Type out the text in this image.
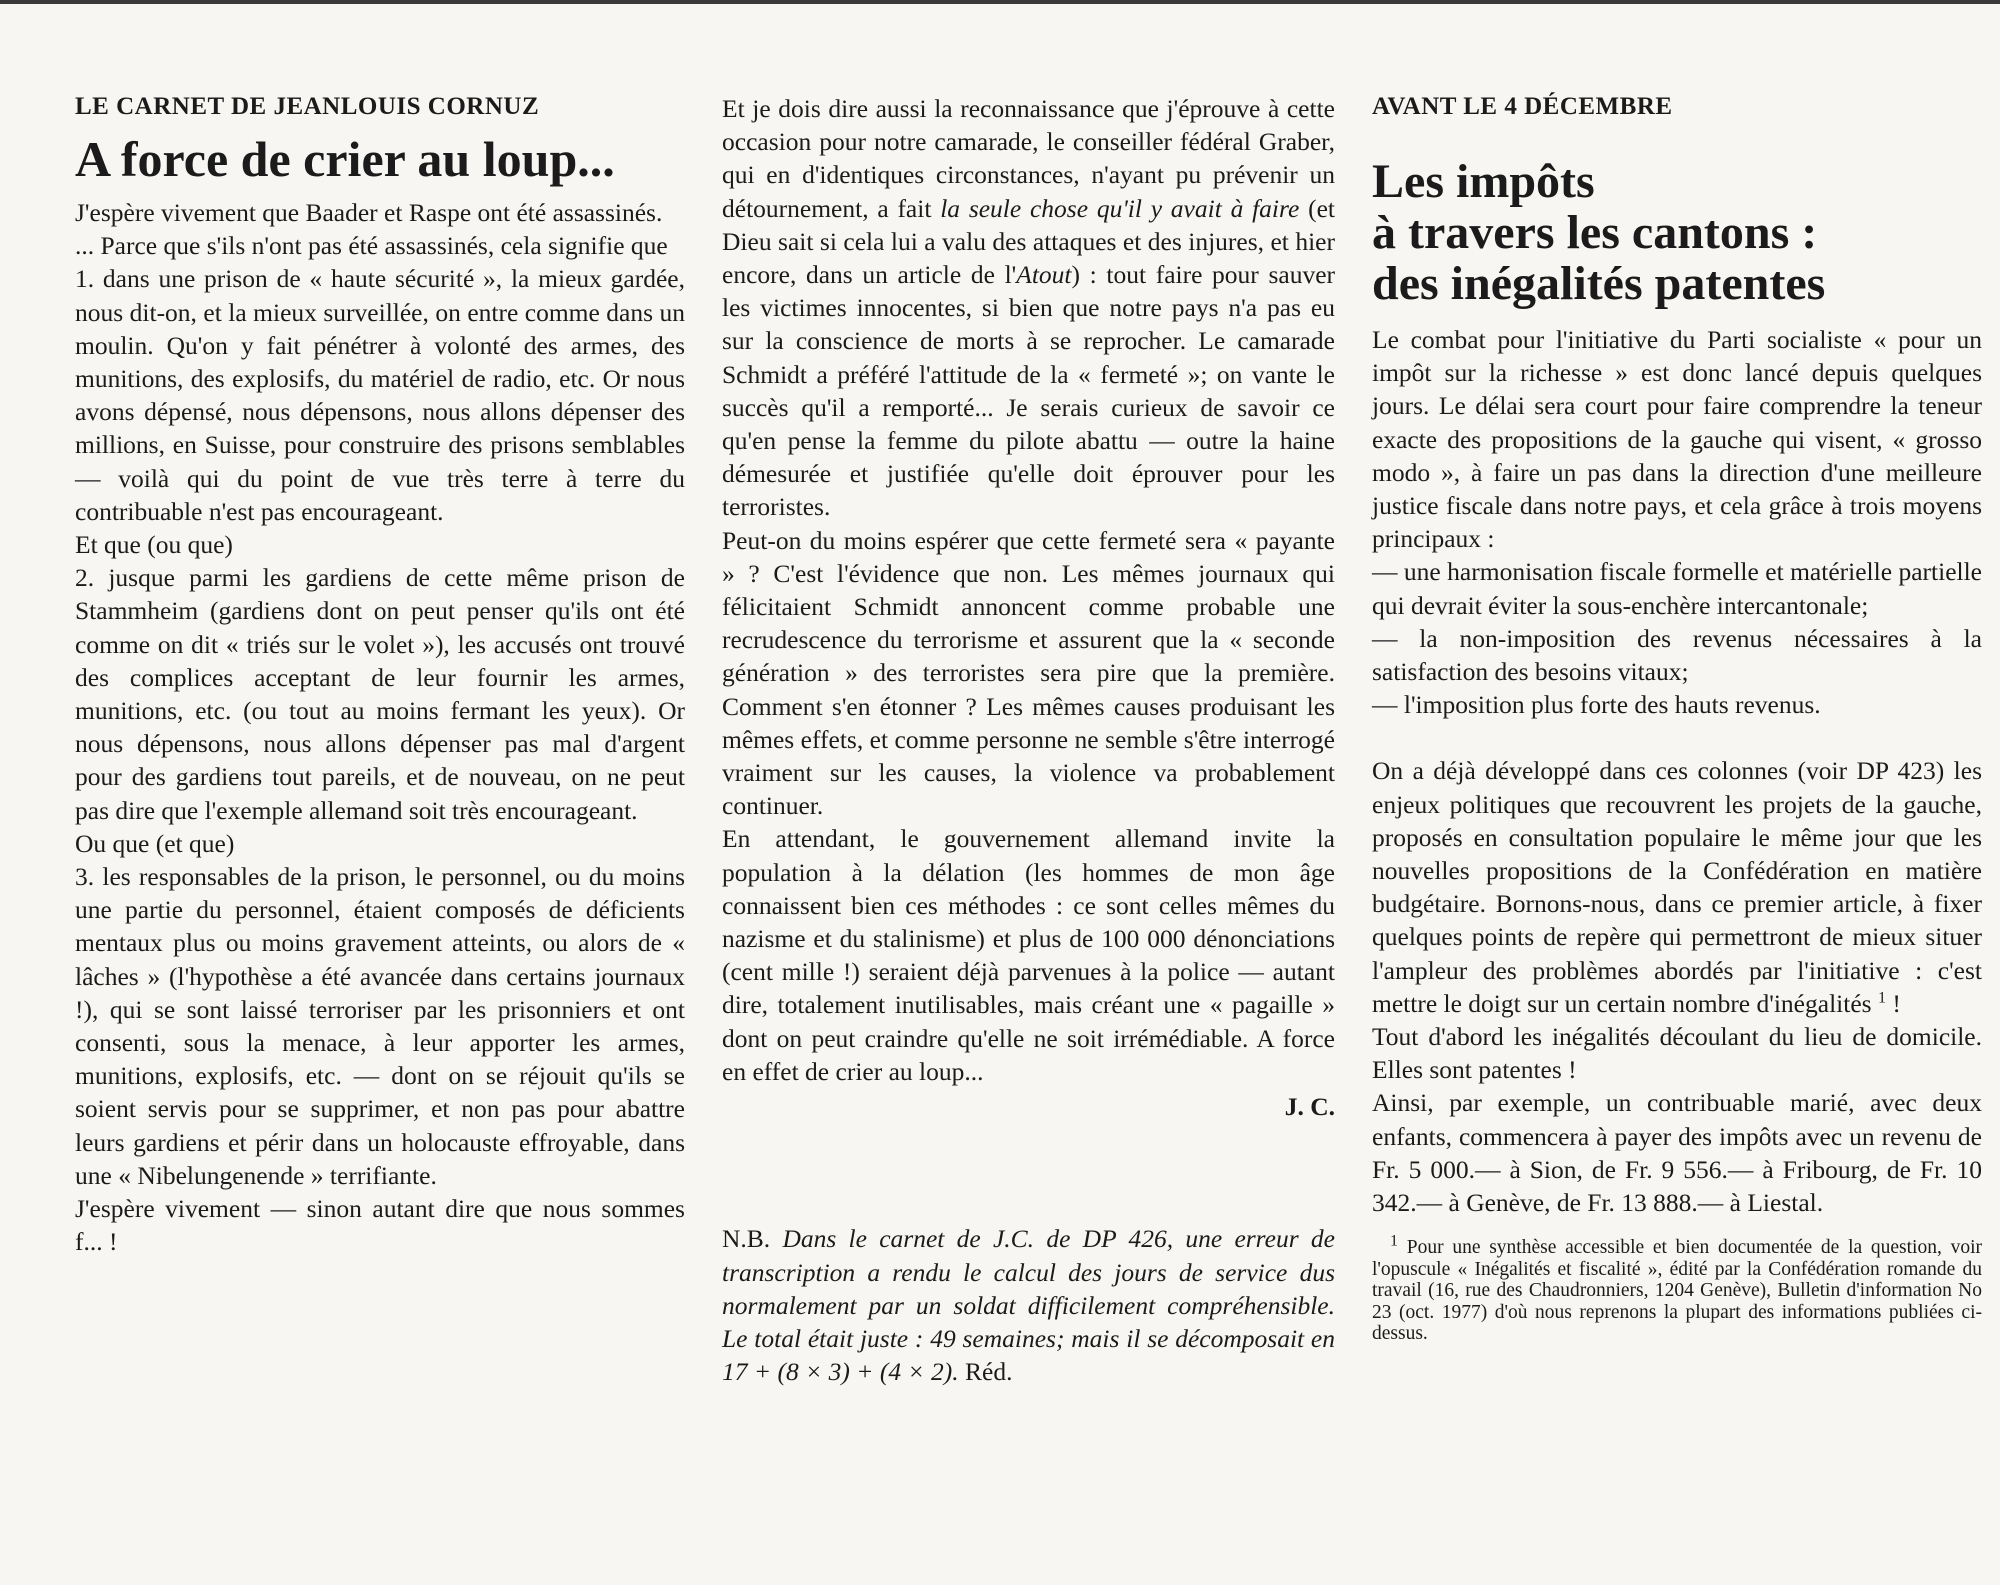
LE CARNET DE JEANLOUIS CORNUZ
A force de crier au loup...

J'espère vivement que Baader et Raspe ont été assassinés.

... Parce que s'ils n'ont pas été assassinés, cela signifie que

1. dans une prison de « haute sécurité », la mieux gardée, nous dit-on, et la mieux surveillée, on entre comme dans un moulin. Qu'on y fait pénétrer à volonté des armes, des munitions, des explosifs, du matériel de radio, etc. Or nous avons dépensé, nous dépensons, nous allons dépenser des millions, en Suisse, pour construire des prisons semblables — voilà qui du point de vue très terre à terre du contribuable n'est pas encourageant.

Et que (ou que)

2. jusque parmi les gardiens de cette même prison de Stammheim (gardiens dont on peut penser qu'ils ont été comme on dit « triés sur le volet »), les accusés ont trouvé des complices acceptant de leur fournir les armes, munitions, etc. (ou tout au moins fermant les yeux). Or nous dépensons, nous allons dépenser pas mal d'argent pour des gardiens tout pareils, et de nouveau, on ne peut pas dire que l'exemple allemand soit très encourageant.

Ou que (et que)

3. les responsables de la prison, le personnel, ou du moins une partie du personnel, étaient composés de déficients mentaux plus ou moins gravement atteints, ou alors de « lâches » (l'hypothèse a été avancée dans certains journaux !), qui se sont laissé terroriser par les prisonniers et ont consenti, sous la menace, à leur apporter les armes, munitions, explosifs, etc. — dont on se réjouit qu'ils se soient servis pour se supprimer, et non pas pour abattre leurs gardiens et périr dans un holocauste effroyable, dans une « Nibelungenende » terrifiante.

J'espère vivement — sinon autant dire que nous sommes f... !

Et je dois dire aussi la reconnaissance que j'éprouve à cette occasion pour notre camarade, le conseiller fédéral Graber, qui en d'identiques circonstances, n'ayant pu prévenir un détournement, a fait la seule chose qu'il y avait à faire (et Dieu sait si cela lui a valu des attaques et des injures, et hier encore, dans un article de l'Atout) : tout faire pour sauver les victimes innocentes, si bien que notre pays n'a pas eu sur la conscience de morts à se reprocher. Le camarade Schmidt a préféré l'attitude de la « fermeté »; on vante le succès qu'il a remporté... Je serais curieux de savoir ce qu'en pense la femme du pilote abattu — outre la haine démesurée et justifiée qu'elle doit éprouver pour les terroristes.

Peut-on du moins espérer que cette fermeté sera « payante » ? C'est l'évidence que non. Les mêmes journaux qui félicitaient Schmidt annoncent comme probable une recrudescence du terrorisme et assurent que la « seconde génération » des terroristes sera pire que la première. Comment s'en étonner ? Les mêmes causes produisant les mêmes effets, et comme personne ne semble s'être interrogé vraiment sur les causes, la violence va probablement continuer.

En attendant, le gouvernement allemand invite la population à la délation (les hommes de mon âge connaissent bien ces méthodes : ce sont celles mêmes du nazisme et du stalinisme) et plus de 100 000 dénonciations (cent mille !) seraient déjà parvenues à la police — autant dire, totalement inutilisables, mais créant une « pagaille » dont on peut craindre qu'elle ne soit irrémédiable. A force en effet de crier au loup...

J. C.

N.B. Dans le carnet de J.C. de DP 426, une erreur de transcription a rendu le calcul des jours de service dus normalement par un soldat difficilement compréhensible. Le total était juste : 49 semaines; mais il se décomposait en 17 + (8 × 3) + (4 × 2). Réd.

AVANT LE 4 DÉCEMBRE
Les impôts
à travers les cantons :
des inégalités patentes

Le combat pour l'initiative du Parti socialiste « pour un impôt sur la richesse » est donc lancé depuis quelques jours. Le délai sera court pour faire comprendre la teneur exacte des propositions de la gauche qui visent, « grosso modo », à faire un pas dans la direction d'une meilleure justice fiscale dans notre pays, et cela grâce à trois moyens principaux :

— une harmonisation fiscale formelle et matérielle partielle qui devrait éviter la sous-enchère intercantonale;

— la non-imposition des revenus nécessaires à la satisfaction des besoins vitaux;

— l'imposition plus forte des hauts revenus.

On a déjà développé dans ces colonnes (voir DP 423) les enjeux politiques que recouvrent les projets de la gauche, proposés en consultation populaire le même jour que les nouvelles propositions de la Confédération en matière budgétaire. Bornons-nous, dans ce premier article, à fixer quelques points de repère qui permettront de mieux situer l'ampleur des problèmes abordés par l'initiative : c'est mettre le doigt sur un certain nombre d'inégalités $^1$ !

Tout d'abord les inégalités découlant du lieu de domicile. Elles sont patentes !

Ainsi, par exemple, un contribuable marié, avec deux enfants, commencera à payer des impôts avec un revenu de Fr. 5 000.— à Sion, de Fr. 9 556.— à Fribourg, de Fr. 10 342.— à Genève, de Fr. 13 888.— à Liestal.

$^1$ Pour une synthèse accessible et bien documentée de la question, voir l'opuscule « Inégalités et fiscalité », édité par la Confédération romande du travail (16, rue des Chaudronniers, 1204 Genève), Bulletin d'information No 23 (oct. 1977) d'où nous reprenons la plupart des informations publiées ci-dessus.
